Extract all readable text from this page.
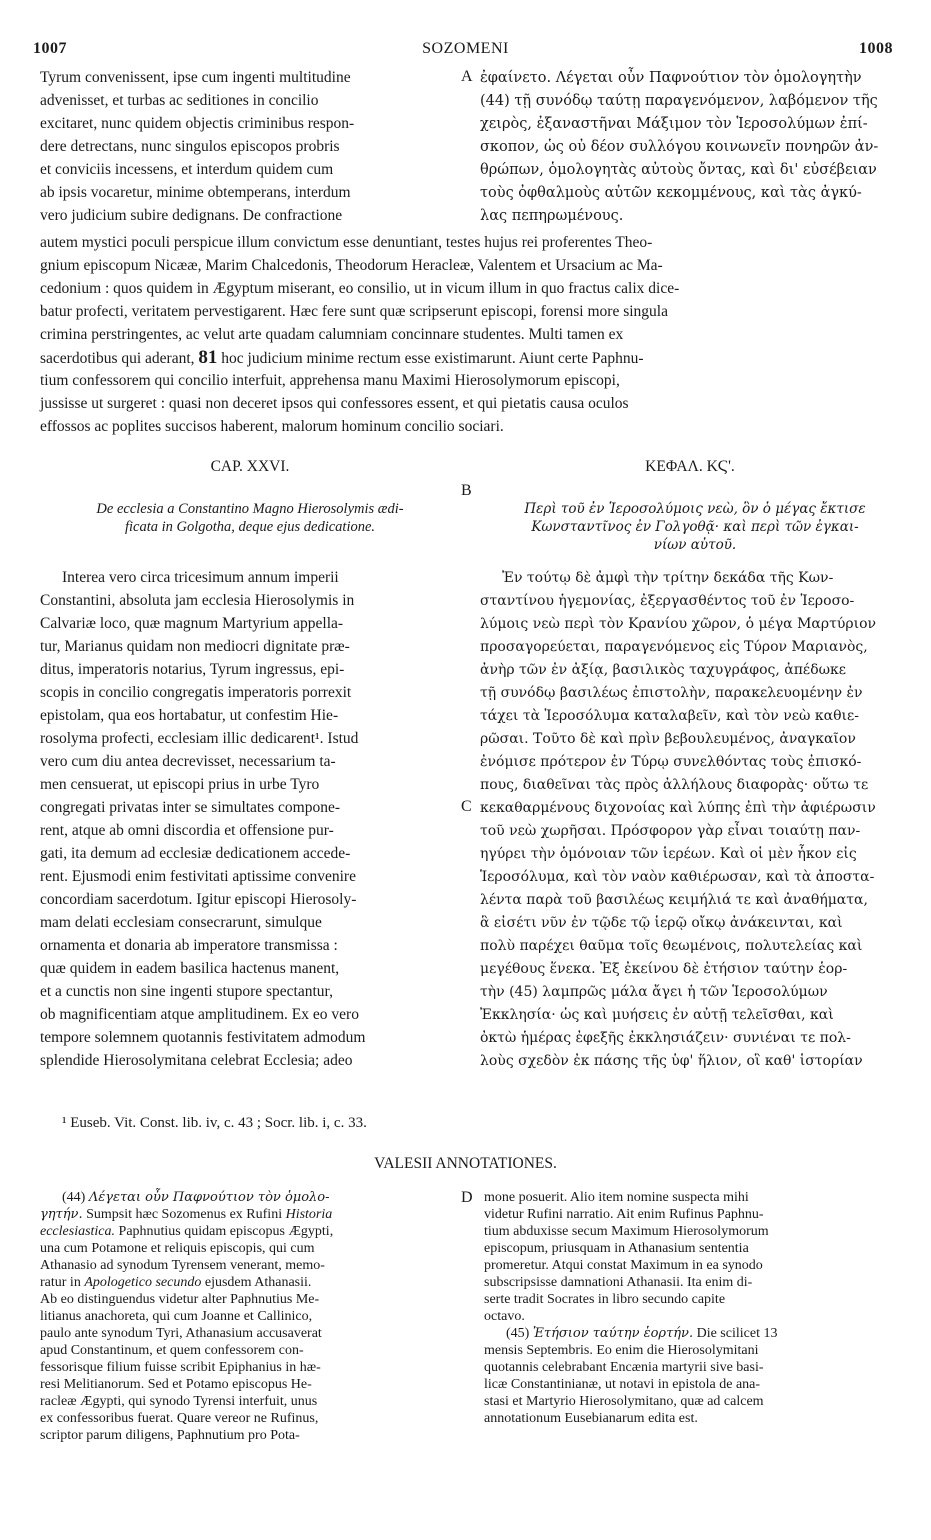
1007	SOZOMENI	1008
A
B
C
D
Tyrum convenissent, ipse cum ingenti multitudine
advenisset, et turbas ac seditiones in concilio
excitaret, nunc quidem objectis criminibus respon-
dere detrectans, nunc singulos episcopos probris
et conviciis incessens, et interdum quidem cum
ab ipsis vocaretur, minime obtemperans, interdum
vero judicium subire dedignans. De confractione
ἐφαίνετο. Λέγεται οὖν Παφνούτιον τὸν ὁμολογητὴν
(44) τῇ συνόδῳ ταύτῃ παραγενόμενον, λαβόμενον τῆς
χειρὸς, ἐξαναστῆναι Μάξιμον τὸν Ἱεροσολύμων ἐπί-
σκοπον, ὡς οὐ δέον συλλόγου κοινωνεῖν πονηρῶν ἀν-
θρώπων, ὁμολογητὰς αὐτοὺς ὄντας, καὶ δι' εὐσέβειαν
τοὺς ὀφθαλμοὺς αὐτῶν κεκομμένους, καὶ τὰς ἀγκύ-
λας πεπηρωμένους.
autem mystici poculi perspicue illum convictum esse denuntiant, testes hujus rei proferentes Theo-
gnium episcopum Nicææ, Marim Chalcedonis, Theodorum Heracleæ, Valentem et Ursacium ac Ma-
cedonium : quos quidem in Ægyptum miserant, eo consilio, ut in vicum illum in quo fractus calix dice-
batur profecti, veritatem pervestigarent. Hæc fere sunt quæ scripserunt episcopi, forensi more singula
crimina perstringentes, ac velut arte quadam calumniam concinnare studentes. Multi tamen ex
sacerdotibus qui aderant, 81 hoc judicium minime rectum esse existimarunt. Aiunt certe Paphnu-
tium confessorem qui concilio interfuit, apprehensa manu Maximi Hierosolymorum episcopi,
jussisse ut surgeret : quasi non deceret ipsos qui confessores essent, et qui pietatis causa oculos
effossos ac poplites succisos haberent, malorum hominum concilio sociari.
CAP. XXVI.	ΚΕΦΑΛ. ΚϚ'.
De ecclesia a Constantino Magno Hierosolymis ædi-
ficata in Golgotha, deque ejus dedicatione.
Περὶ τοῦ ἐν Ἱεροσολύμοις νεὼ, ὃν ὁ μέγας ἔκτισε
Κωνσταντῖνος ἐν Γολγοθᾷ· καὶ περὶ τῶν ἐγκαι-
νίων αὐτοῦ.
Interea vero circa tricesimum annum imperii
Constantini, absoluta jam ecclesia Hierosolymis in
Calvariæ loco, quæ magnum Martyrium appella-
tur, Marianus quidam non mediocri dignitate præ-
ditus, imperatoris notarius, Tyrum ingressus, epi-
scopis in concilio congregatis imperatoris porrexit
epistolam, qua eos hortabatur, ut confestim Hie-
rosolyma profecti, ecclesiam illic dedicarent¹. Istud
vero cum diu antea decrevisset, necessarium ta-
men censuerat, ut episcopi prius in urbe Tyro
congregati privatas inter se simultates compone-
rent, atque ab omni discordia et offensione pur-
gati, ita demum ad ecclesiæ dedicationem accede-
rent. Ejusmodi enim festivitati aptissime convenire
concordiam sacerdotum. Igitur episcopi Hierosoly-
mam delati ecclesiam consecrarunt, simulque
ornamenta et donaria ab imperatore transmissa :
quæ quidem in eadem basilica hactenus manent,
et a cunctis non sine ingenti stupore spectantur,
ob magnificentiam atque amplitudinem. Ex eo vero
tempore solemnem quotannis festivitatem admodum
splendide Hierosolymitana celebrat Ecclesia; adeo
Ἐν τούτῳ δὲ ἀμφὶ τὴν τρίτην δεκάδα τῆς Κων-
σταντίνου ἡγεμονίας, ἐξεργασθέντος τοῦ ἐν Ἱεροσο-
λύμοις νεὼ περὶ τὸν Κρανίου χῶρον, ὁ μέγα Μαρτύριον
προσαγορεύεται, παραγενόμενος εἰς Τύρον Μαριανὸς,
ἀνὴρ τῶν ἐν ἀξίᾳ, βασιλικὸς ταχυγράφος, ἀπέδωκε
τῇ συνόδῳ βασιλέως ἐπιστολὴν, παρακελευομένην ἐν
τάχει τὰ Ἱεροσόλυμα καταλαβεῖν, καὶ τὸν νεὼ καθιε-
ρῶσαι. Τοῦτο δὲ καὶ πρὶν βεβουλευμένος, ἀναγκαῖον
ἐνόμισε πρότερον ἐν Τύρῳ συνελθόντας τοὺς ἐπισκό-
πους, διαθεῖναι τὰς πρὸς ἀλλήλους διαφορὰς· οὕτω τε
κεκαθαρμένους διχονοίας καὶ λύπης ἐπὶ τὴν ἀφιέρωσιν
τοῦ νεὼ χωρῆσαι. Πρόσφορον γὰρ εἶναι τοιαύτῃ παν-
ηγύρει τὴν ὁμόνοιαν τῶν ἱερέων. Καὶ οἱ μὲν ἧκον εἰς
Ἱεροσόλυμα, καὶ τὸν ναὸν καθιέρωσαν, καὶ τὰ ἀποστα-
λέντα παρὰ τοῦ βασιλέως κειμήλιά τε καὶ ἀναθήματα,
ἃ εἰσέτι νῦν ἐν τῷδε τῷ ἱερῷ οἴκῳ ἀνάκεινται, καὶ
πολὺ παρέχει θαῦμα τοῖς θεωμένοις, πολυτελείας καὶ
μεγέθους ἕνεκα. Ἐξ ἐκείνου δὲ ἐτήσιον ταύτην ἑορ-
τὴν (45) λαμπρῶς μάλα ἄγει ἡ τῶν Ἱεροσολύμων
Ἐκκλησία· ὡς καὶ μυήσεις ἐν αὐτῇ τελεῖσθαι, καὶ
ὀκτὼ ἡμέρας ἐφεξῆς ἐκκλησιάζειν· συνιέναι τε πολ-
λοὺς σχεδὸν ἐκ πάσης τῆς ὑφ' ἥλιον, οἳ καθ' ἱστορίαν
¹ Euseb. Vit. Const. lib. iv, c. 43 ; Socr. lib. i, c. 33.
VALESII ANNOTATIONES.
(44) Λέγεται οὖν Παφνούτιον τὸν ὁμολο-
γητήν. Sumpsit hæc Sozomenus ex Rufini Historia
ecclesiastica. Paphnutius quidam episcopus Ægypti,
una cum Potamone et reliquis episcopis, qui cum
Athanasio ad synodum Tyrensem venerant, memo-
ratur in Apologetico secundo ejusdem Athanasii.
Ab eo distinguendus videtur alter Paphnutius Me-
litianus anachoreta, qui cum Joanne et Callinico,
paulo ante synodum Tyri, Athanasium accusaverat
apud Constantinum, et quem confessorem con-
fessorisque filium fuisse scribit Epiphanius in hæ-
resi Melitianorum. Sed et Potamo episcopus He-
racleæ Ægypti, qui synodo Tyrensi interfuit, unus
ex confessoribus fuerat. Quare vereor ne Rufinus,
scriptor parum diligens, Paphnutium pro Pota-
mone posuerit. Alio item nomine suspecta mihi
videtur Rufini narratio. Ait enim Rufinus Paphnu-
tium abduxisse secum Maximum Hierosolymorum
episcopum, priusquam in Athanasium sententia
promeretur. Atqui constat Maximum in ea synodo
subscripsisse damnationi Athanasii. Ita enim di-
serte tradit Socrates in libro secundo capite
octavo.
(45) Ἐτήσιον ταύτην ἑορτήν. Die scilicet 13
mensis Septembris. Eo enim die Hierosolymitani
quotannis celebrabant Encænia martyrii sive basi-
licæ Constantinianæ, ut notavi in epistola de ana-
stasi et Martyrio Hierosolymitano, quæ ad calcem
annotationum Eusebianarum edita est.
